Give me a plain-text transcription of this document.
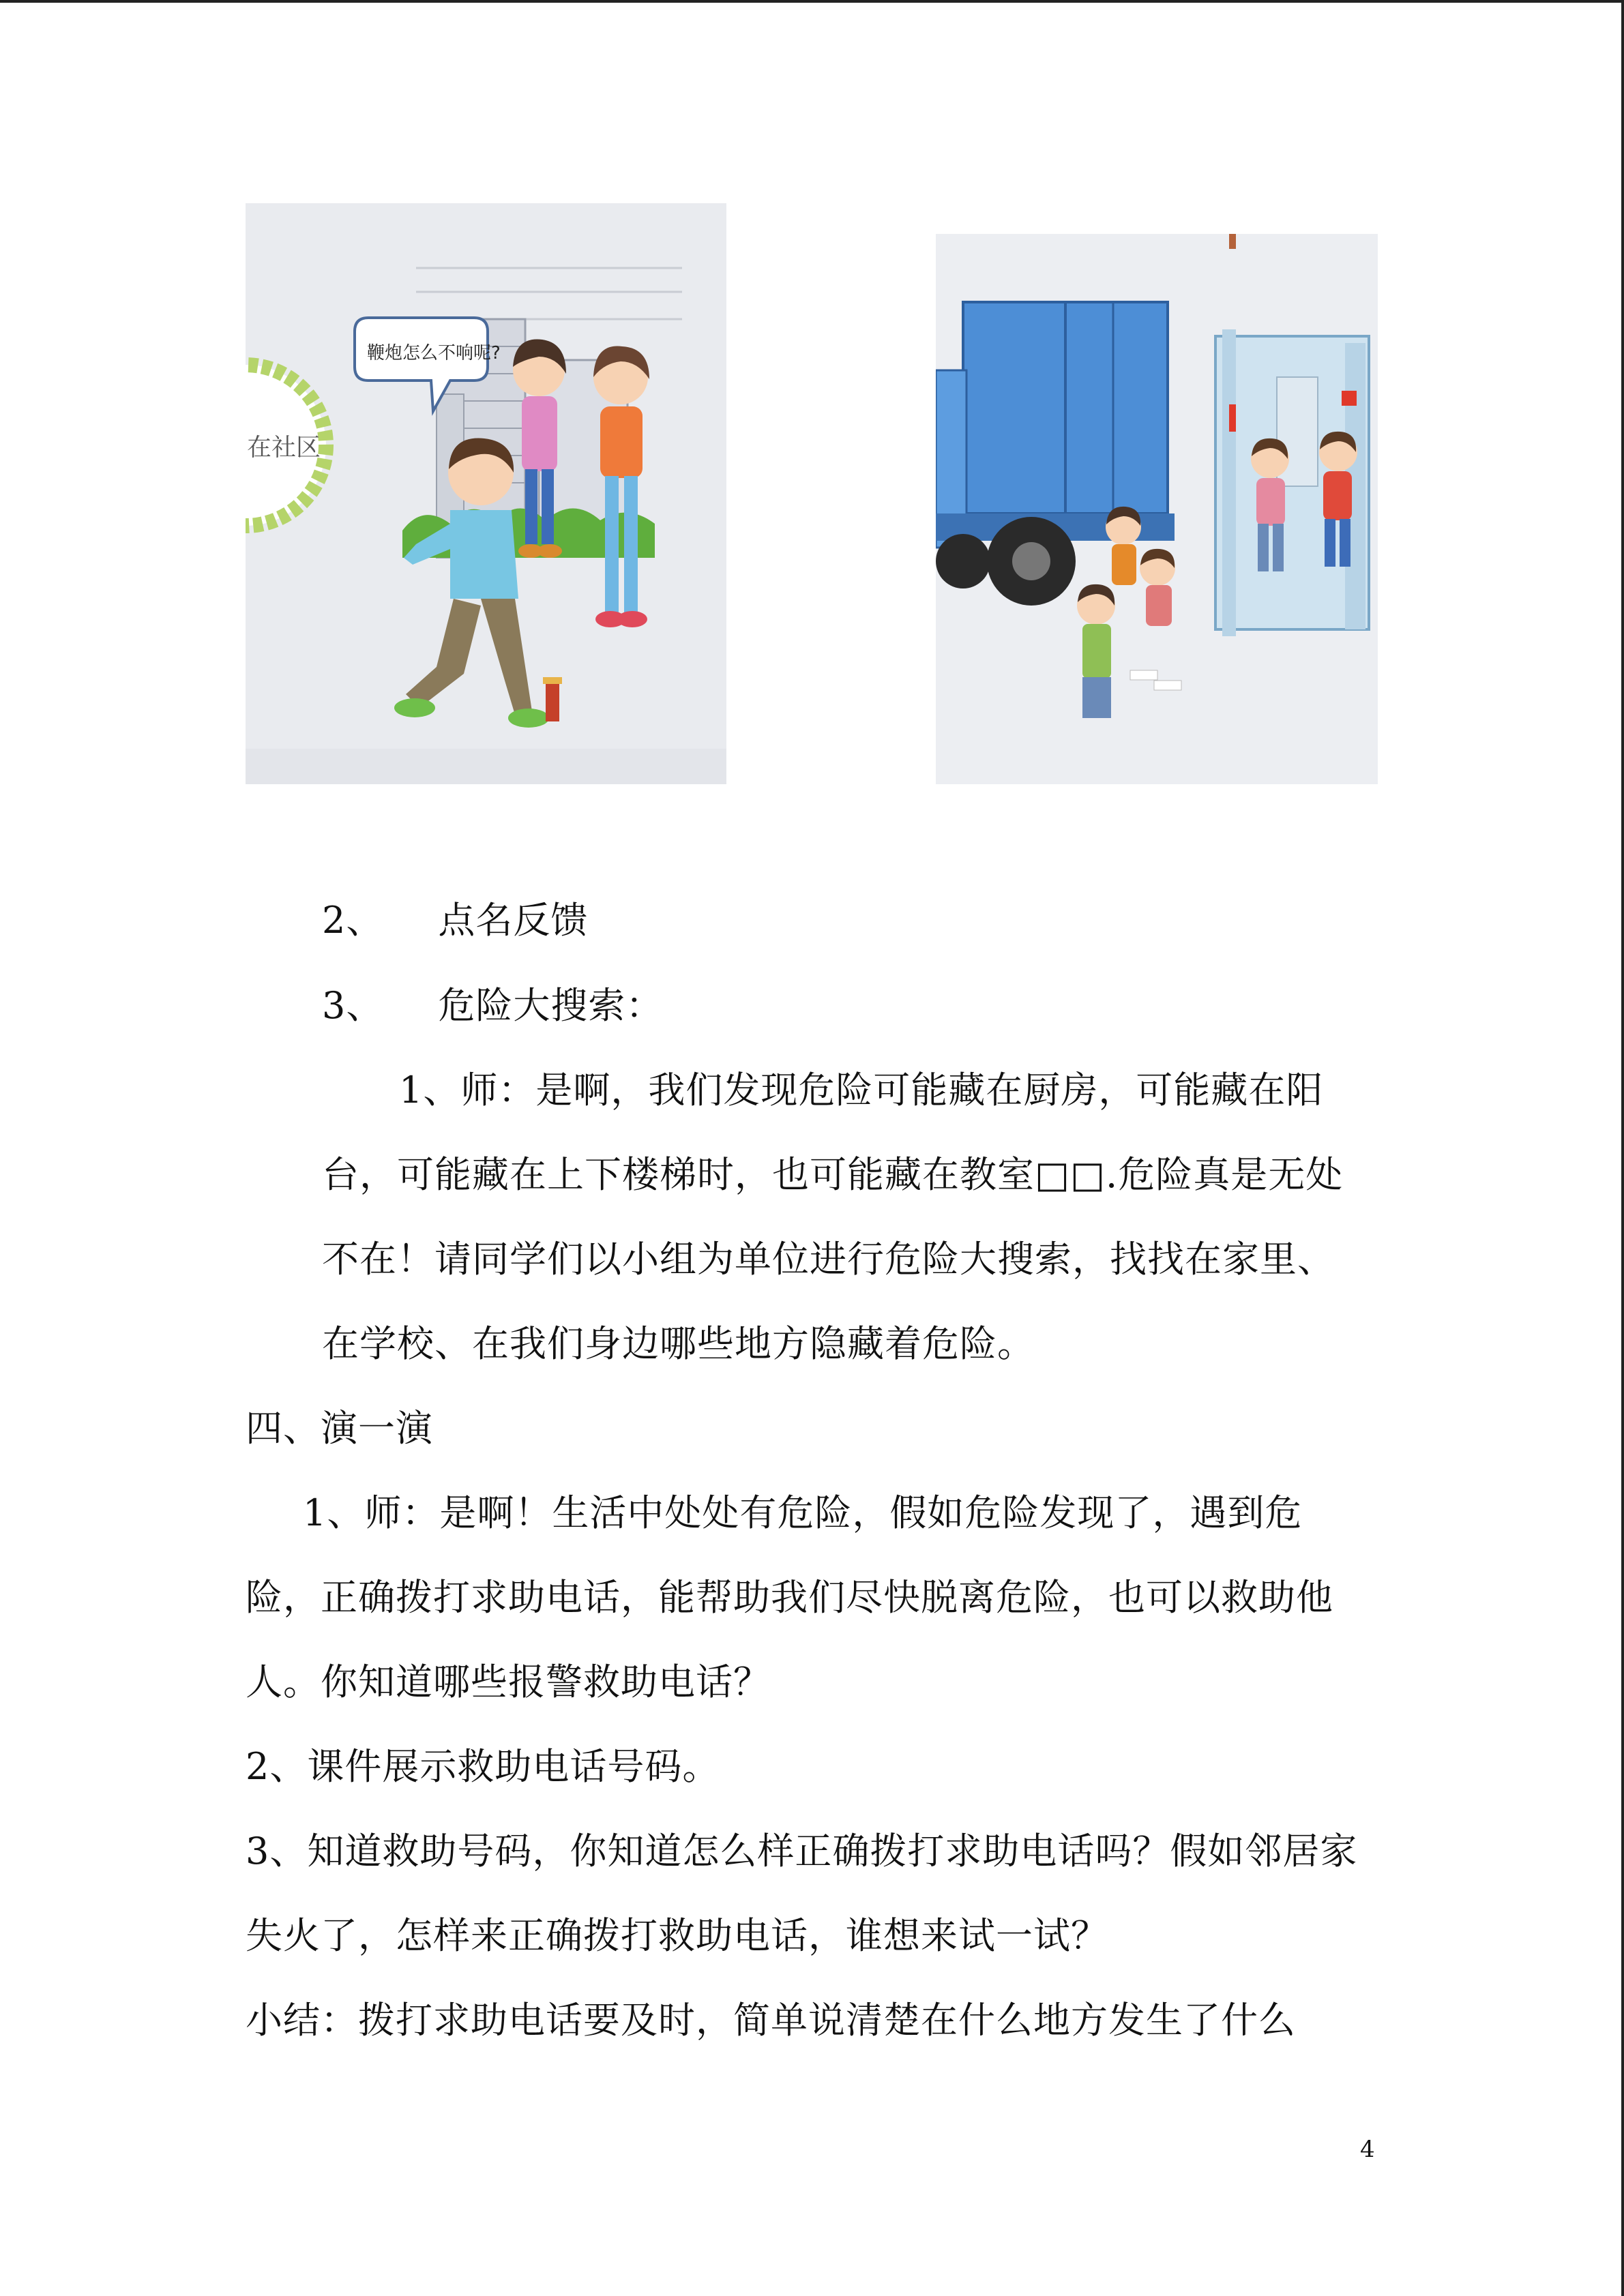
在社区
鞭炮怎么不响呢?
2、 点名反馈
3、 危险大搜索：
1、师：是啊，我们发现危险可能藏在厨房，可能藏在阳
台，可能藏在上下楼梯时，也可能藏在教室□□.危险真是无处
不在！请同学们以小组为单位进行危险大搜索，找找在家里、
在学校、在我们身边哪些地方隐藏着危险。
四、演一演
1、师：是啊！生活中处处有危险，假如危险发现了，遇到危
险，正确拨打求助电话，能帮助我们尽快脱离危险，也可以救助他
人。你知道哪些报警救助电话？
2、课件展示救助电话号码。
3、知道救助号码，你知道怎么样正确拨打求助电话吗？假如邻居家
失火了，怎样来正确拨打救助电话，谁想来试一试？
小结：拨打求助电话要及时，简单说清楚在什么地方发生了什么
4
